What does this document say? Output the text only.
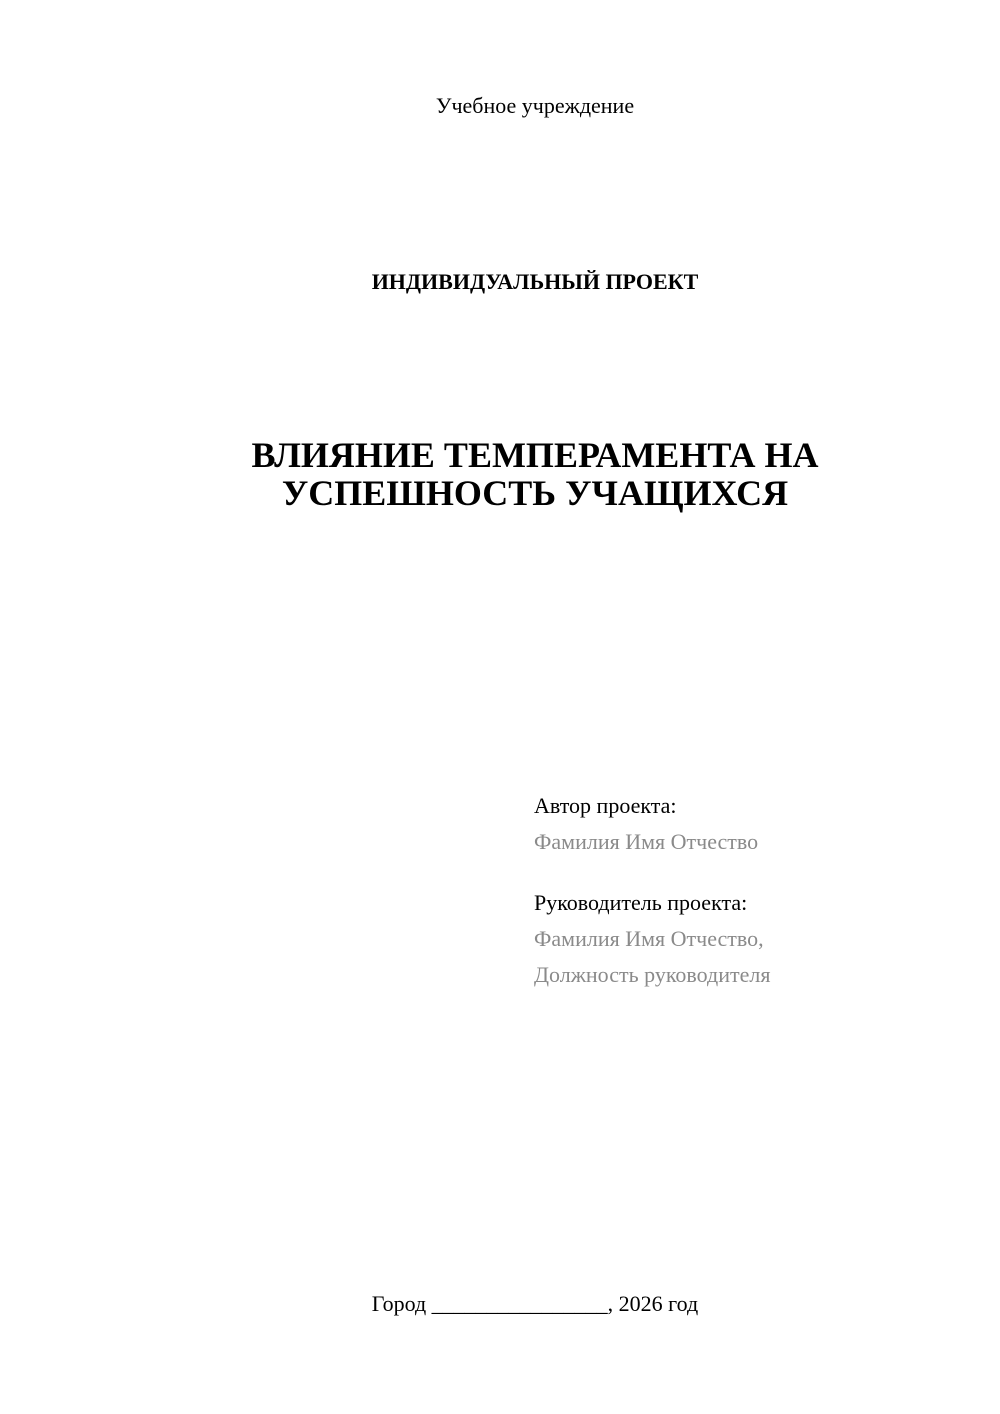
Учебное учреждение
ИНДИВИДУАЛЬНЫЙ ПРОЕКТ
ВЛИЯНИЕ ТЕМПЕРАМЕНТА НА
УСПЕШНОСТЬ УЧАЩИХСЯ
Автор проекта:
Фамилия Имя Отчество
Руководитель проекта:
Фамилия Имя Отчество,
Должность руководителя
Город ________________, 2026 год
